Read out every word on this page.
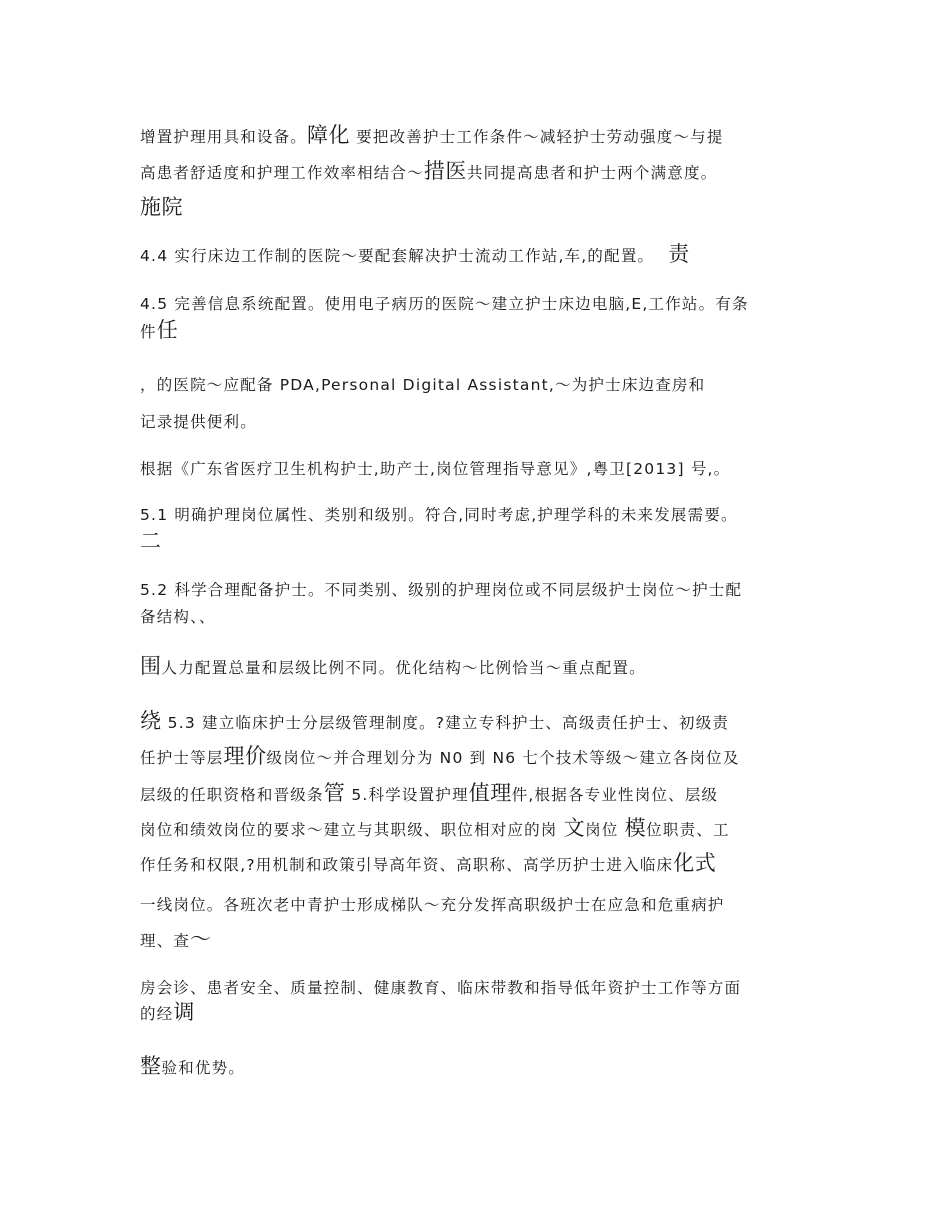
增置护理用具和设备。障化 要把改善护士工作条件～减轻护士劳动强度～与提
高患者舒适度和护理工作效率相结合～措医共同提高患者和护士两个满意度。
施院
4.4 实行床边工作制的医院～要配套解决护士流动工作站,车,的配置。 责
4.5 完善信息系统配置。使用电子病历的医院～建立护士床边电脑,E,工作站。有条
件任
，的医院～应配备 PDA,Personal Digital Assistant,～为护士床边查房和
记录提供便利。
根据《广东省医疗卫生机构护士,助产士,岗位管理指导意见》,粤卫[2013] 号,。
5.1 明确护理岗位属性、类别和级别。符合,同时考虑,护理学科的未来发展需要。
二
5.2 科学合理配备护士。不同类别、级别的护理岗位或不同层级护士岗位～护士配
备结构、、
围人力配置总量和层级比例不同。优化结构～比例恰当～重点配置。
绕 5.3 建立临床护士分层级管理制度。?建立专科护士、高级责任护士、初级责
任护士等层理价级岗位～并合理划分为 N0 到 N6 七个技术等级～建立各岗位及
层级的任职资格和晋级条管 5.科学设置护理值理件,根据各专业性岗位、层级
岗位和绩效岗位的要求～建立与其职级、职位相对应的岗 文岗位 模位职责、工
作任务和权限,?用机制和政策引导高年资、高职称、高学历护士进入临床化式
一线岗位。各班次老中青护士形成梯队～充分发挥高职级护士在应急和危重病护
理、查～
房会诊、患者安全、质量控制、健康教育、临床带教和指导低年资护士工作等方面
的经调
整验和优势。
